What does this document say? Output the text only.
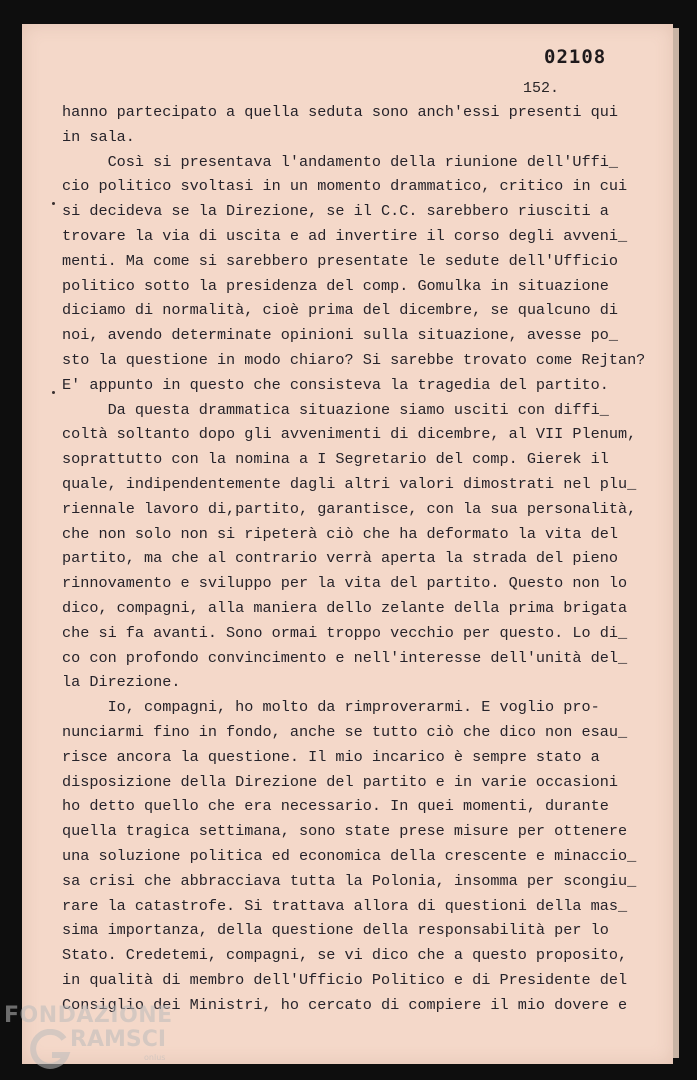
02108
152.
hanno partecipato a quella seduta sono anch'essi presenti qui
in sala.
Così si presentava l'andamento della riunione dell'Uffi_
cio politico svoltasi in un momento drammatico, critico in cui
si decideva se la Direzione, se il C.C. sarebbero riusciti a
trovare la via di uscita e ad invertire il corso degli avveni_
menti. Ma come si sarebbero presentate le sedute dell'Ufficio
politico sotto la presidenza del comp. Gomulka in situazione
diciamo di normalità, cioè prima del dicembre, se qualcuno di
noi, avendo determinate opinioni sulla situazione, avesse po_
sto la questione in modo chiaro? Si sarebbe trovato come Rejtan?
E' appunto in questo che consisteva la tragedia del partito.
Da questa drammatica situazione siamo usciti con diffi_
coltà soltanto dopo gli avvenimenti di dicembre, al VII Plenum,
soprattutto con la nomina a I Segretario del comp. Gierek il
quale, indipendentemente dagli altri valori dimostrati nel plu_
riennale lavoro di,partito, garantisce, con la sua personalità,
che non solo non si ripeterà ciò che ha deformato la vita del
partito, ma che al contrario verrà aperta la strada del pieno
rinnovamento e sviluppo per la vita del partito. Questo non lo
dico, compagni, alla maniera dello zelante della prima brigata
che si fa avanti. Sono ormai troppo vecchio per questo. Lo di_
co con profondo convincimento e nell'interesse dell'unità del_
la Direzione.
Io, compagni, ho molto da rimproverarmi. E voglio pro-
nunciarmi fino in fondo, anche se tutto ciò che dico non esau_
risce ancora la questione. Il mio incarico è sempre stato a
disposizione della Direzione del partito e in varie occasioni
ho detto quello che era necessario. In quei momenti, durante
quella tragica settimana, sono state prese misure per ottenere
una soluzione politica ed economica della crescente e minaccio_
sa crisi che abbracciava tutta la Polonia, insomma per scongiu_
rare la catastrofe. Si trattava allora di questioni della mas_
sima importanza, della questione della responsabilità per lo
Stato. Credetemi, compagni, se vi dico che a questo proposito,
in qualità di membro dell'Ufficio Politico e di Presidente del
Consiglio dei Ministri, ho cercato di compiere il mio dovere e
FONDAZIONE
RAMSCI
onlus
